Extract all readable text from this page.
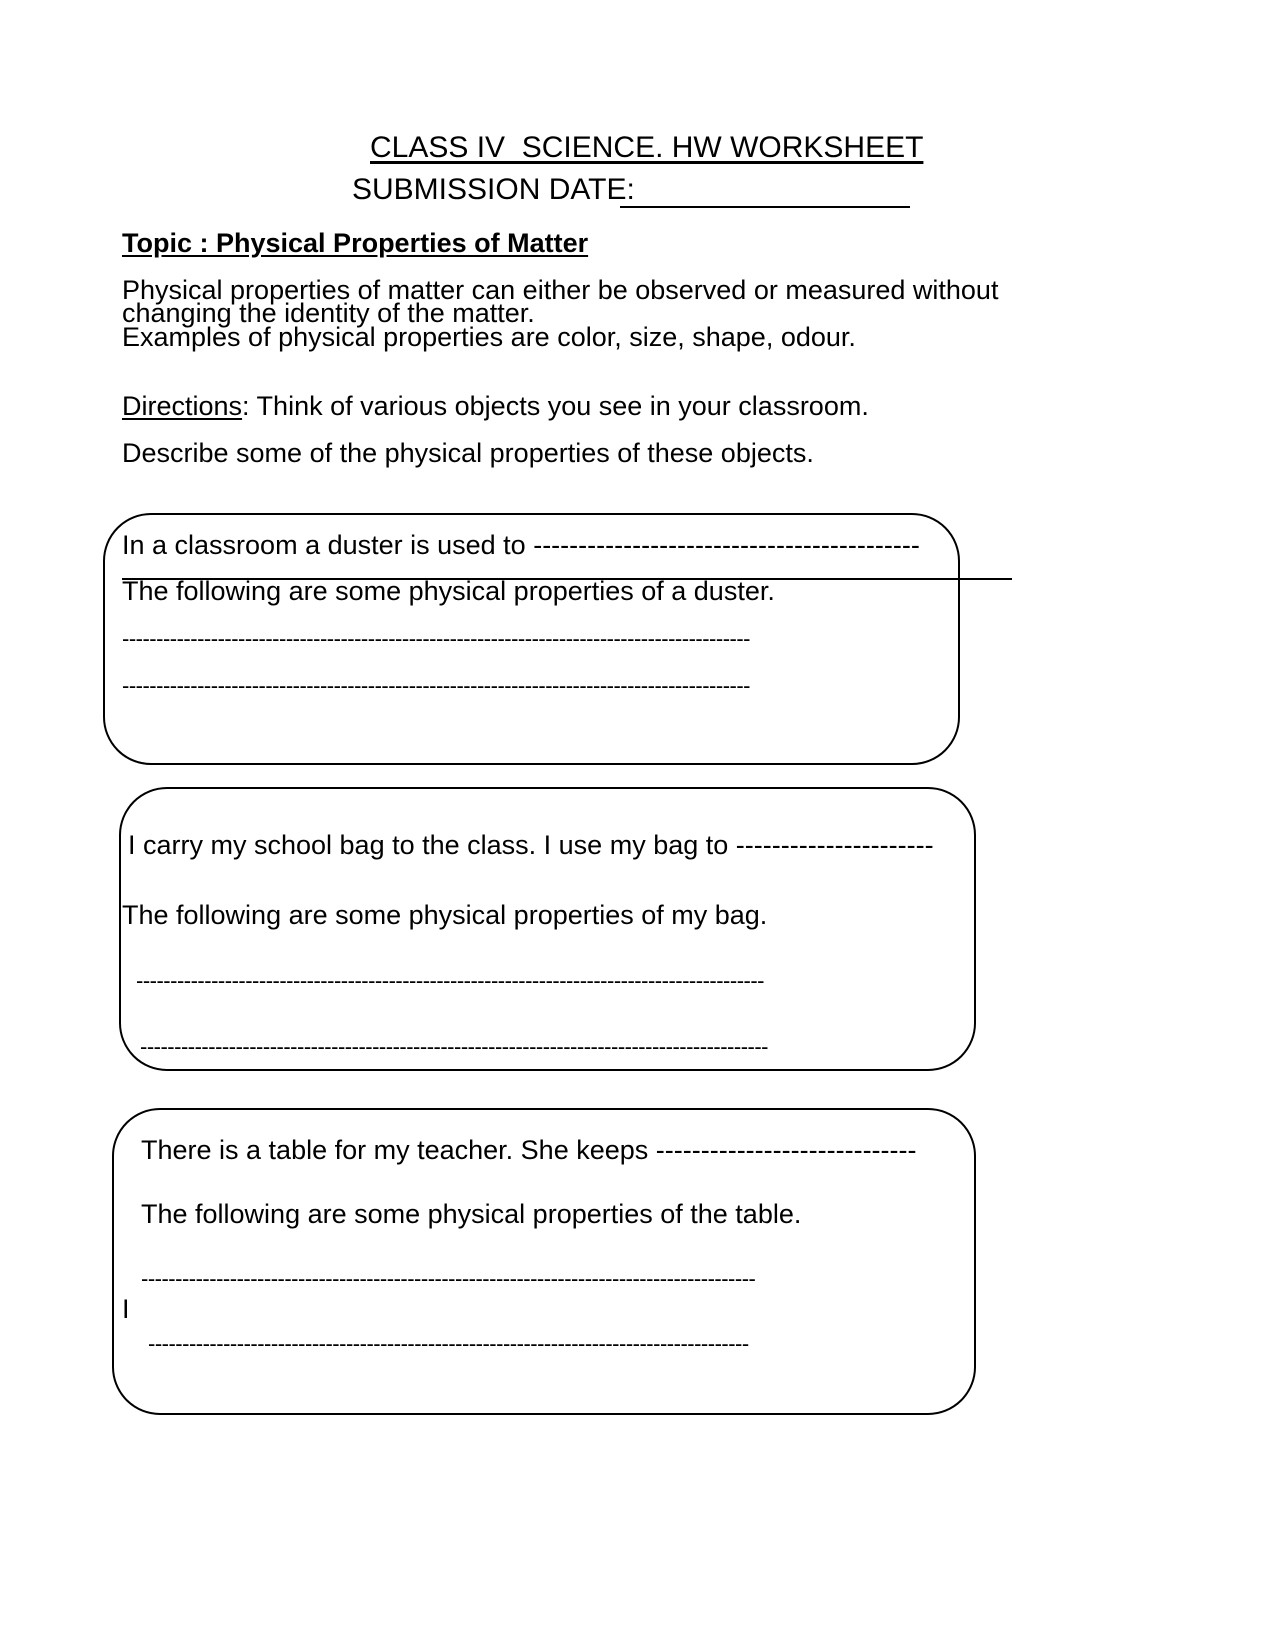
CLASS IV  SCIENCE. HW WORKSHEET
SUBMISSION DATE:
Topic : Physical Properties of Matter
Physical properties of matter can either be observed or measured without
changing the identity of the matter.
Examples of physical properties are color, size, shape, odour.
Directions: Think of various objects you see in your classroom.
Describe some of the physical properties of these objects.
In a classroom a duster is used to -------------------------------------------
The following are some physical properties of a duster.
--------------------------------------------------------------------------------------------
--------------------------------------------------------------------------------------------
I carry my school bag to the class. I use my bag to ----------------------
The following are some physical properties of my bag.
--------------------------------------------------------------------------------------------
--------------------------------------------------------------------------------------------
There is a table for my teacher. She keeps -----------------------------
The following are some physical properties of the table.
------------------------------------------------------------------------------------------
I
----------------------------------------------------------------------------------------
